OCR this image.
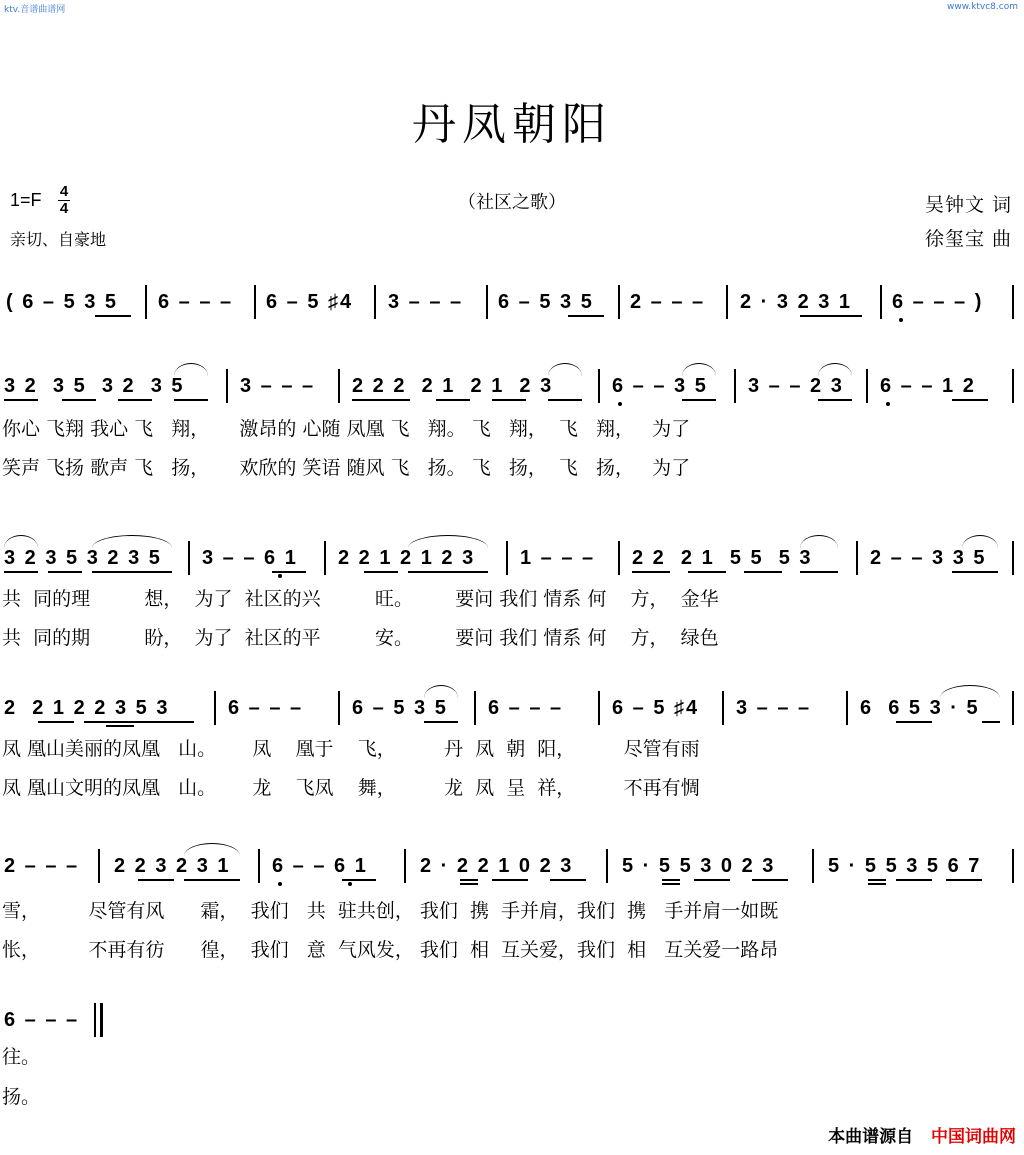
ktv.音谱曲谱网	www.ktvc8.com
丹凤朝阳
1=F 4
4	（社区之歌）
亲切、自豪地
吴钟文 词
徐玺宝 曲
( 6 – 5 3 5 6 – – – 6 – 5 ♯4 3 – – – 6 – 5 3 5 2 – – – 2 · 3 2 3 1 6 – – – )
3 2  3 5  3 2  3 5	3 – – – 2 2 2  2 1  2 1  2 3	6 – – 3 5 3 – – 2 3 6 – – 1 2
你心 飞翔 我心 飞   翔，     激昂的 心随 凤凰 飞   翔。 飞   翔，  飞   翔，   为了
笑声 飞扬 歌声 飞   扬，     欢欣的 笑语 随风 飞   扬。 飞   扬，  飞   扬，   为了
3 2 3 5 3 2 3 5 3 – – 6 1 2 2 1 2 1 2 3 1 – – – 2 2  2 1  5 5  5 3	2 – – 3 3 5
共  同的理         想，  为了  社区的兴         旺。       要问 我们 情系 何    方，  金华
共  同的期         盼，  为了  社区的平         安。       要问 我们 情系 何    方，  绿色
2  2 1 2 2 3 5 3	6 – – – 6 – 5 3 5 6 – – – 6 – 5 ♯4 3 – – – 6  6 5 3 · 5
凤 凰山美丽的凤凰   山。      凤    凰于    飞，        丹  凤  朝  阳，        尽管有雨
凤 凰山文明的凤凰   山。      龙    飞凤    舞，        龙  凤  呈  祥，        不再有惆
2 – – – 2 2 3 2 3 1 6 – – 6 1	2 · 2 2 1 0 2 3 5 · 5 5 3 0 2 3	5 · 5 5 3 5 6 7
雪，        尽管有风      霜，  我们   共  驻共创， 我们  携  手并肩，我们  携   手并肩一如既
怅，        不再有彷      徨，  我们   意  气风发， 我们  相  互关爱，我们  相   互关爱一路昂
6 – – –
往。
扬。
本曲谱源自 中国词曲网
